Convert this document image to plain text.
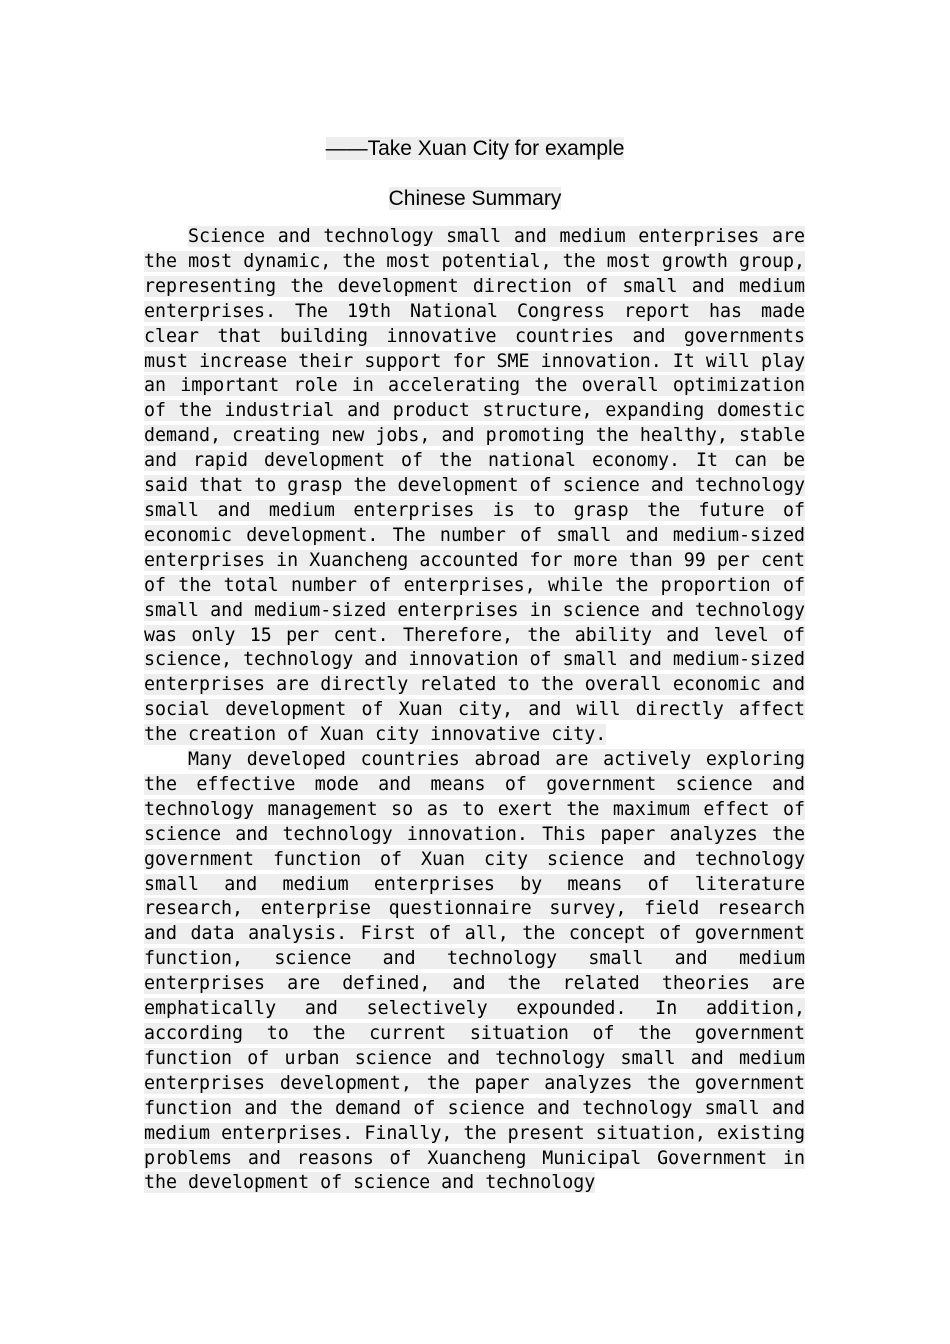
——Take Xuan City for example
Chinese Summary

Science and technology small and medium enterprises are the most dynamic, the most potential, the most growth group, representing the development direction of small and medium enterprises. The 19th National Congress report has made clear that building innovative countries and governments must increase their support for SME innovation. It will play an important role in accelerating the overall optimization of the industrial and product structure, expanding domestic demand, creating new jobs, and promoting the healthy, stable and rapid development of the national economy. It can be said that to grasp the development of science and technology small and medium enterprises is to grasp the future of economic development. The number of small and medium-sized enterprises in Xuancheng accounted for more than 99 per cent of the total number of enterprises, while the proportion of small and medium-sized enterprises in science and technology was only 15 per cent. Therefore, the ability and level of science, technology and innovation of small and medium-sized enterprises are directly related to the overall economic and social development of Xuan city, and will directly affect the creation of Xuan city innovative city.

Many developed countries abroad are actively exploring the effective mode and means of government science and technology management so as to exert the maximum effect of science and technology innovation. This paper analyzes the government function of Xuan city science and technology small and medium enterprises by means of literature research, enterprise questionnaire survey, field research and data analysis. First of all, the concept of government function, science and technology small and medium enterprises are defined, and the related theories are emphatically and selectively expounded. In addition, according to the current situation of the government function of urban science and technology small and medium enterprises development, the paper analyzes the government function and the demand of science and technology small and medium enterprises. Finally, the present situation, existing problems and reasons of Xuancheng Municipal Government in the development of science and technology
